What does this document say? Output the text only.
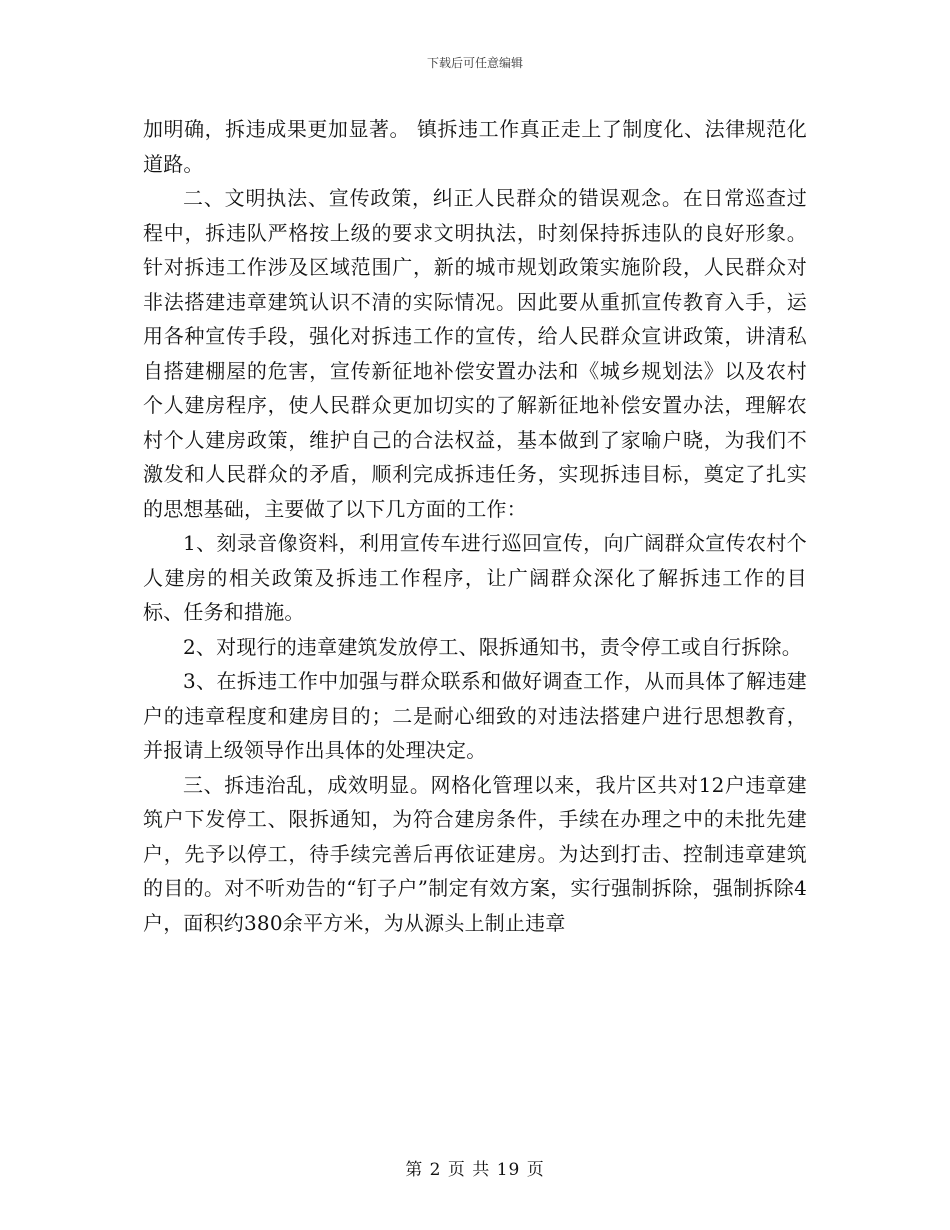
下载后可任意编辑

加明确，拆违成果更加显著。 镇拆违工作真正走上了制度化、法律规范化道路。

二、文明执法、宣传政策，纠正人民群众的错误观念。在日常巡查过程中，拆违队严格按上级的要求文明执法，时刻保持拆违队的良好形象。针对拆违工作涉及区域范围广，新的城市规划政策实施阶段，人民群众对非法搭建违章建筑认识不清的实际情况。因此要从重抓宣传教育入手，运用各种宣传手段，强化对拆违工作的宣传，给人民群众宣讲政策，讲清私自搭建棚屋的危害，宣传新征地补偿安置办法和《城乡规划法》以及农村个人建房程序，使人民群众更加切实的了解新征地补偿安置办法，理解农村个人建房政策，维护自己的合法权益，基本做到了家喻户晓，为我们不激发和人民群众的矛盾，顺利完成拆违任务，实现拆违目标，奠定了扎实的思想基础，主要做了以下几方面的工作：

1、刻录音像资料，利用宣传车进行巡回宣传，向广阔群众宣传农村个人建房的相关政策及拆违工作程序，让广阔群众深化了解拆违工作的目标、任务和措施。

2、对现行的违章建筑发放停工、限拆通知书，责令停工或自行拆除。

3、在拆违工作中加强与群众联系和做好调查工作，从而具体了解违建户的违章程度和建房目的；二是耐心细致的对违法搭建户进行思想教育，并报请上级领导作出具体的处理决定。

三、拆违治乱，成效明显。网格化管理以来，我片区共对12户违章建筑户下发停工、限拆通知，为符合建房条件，手续在办理之中的未批先建户，先予以停工，待手续完善后再依证建房。为达到打击、控制违章建筑的目的。对不听劝告的“钉子户”制定有效方案，实行强制拆除，强制拆除4户，面积约380余平方米，为从源头上制止违章

第 2 页 共 19 页
